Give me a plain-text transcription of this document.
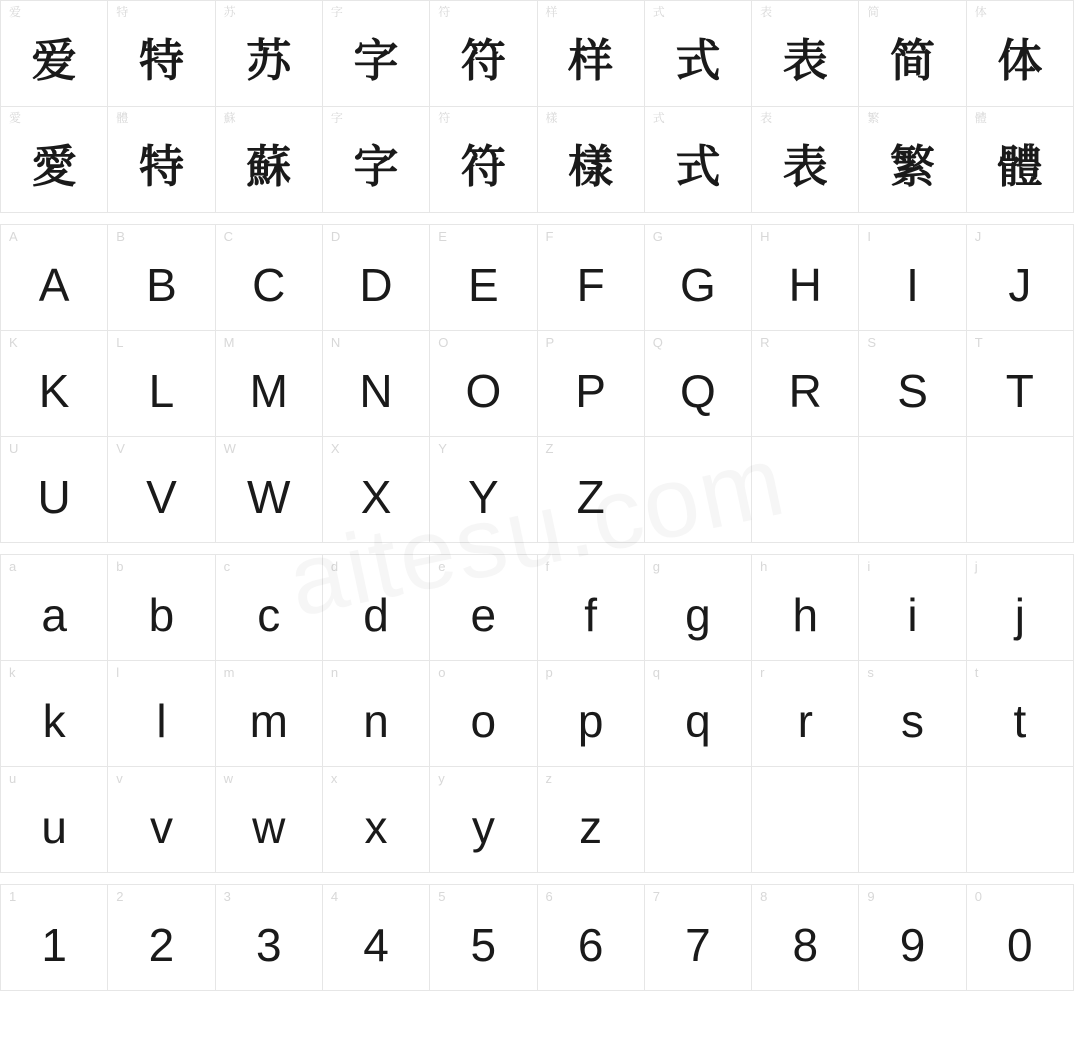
爱
爱
特
特
苏
苏
字
字
符
符
样
样
式
式
表
表
简
简
体
体
愛
愛
體
特
蘇
蘇
字
字
符
符
樣
樣
式
式
表
表
繁
繁
體
體
A
A
B
B
C
C
D
D
E
E
F
F
G
G
H
H
I
I
J
J
K
K
L
L
M
M
N
N
O
O
P
P
Q
Q
R
R
S
S
T
T
U
U
V
V
W
W
X
X
Y
Y
Z
Z
a
a
b
b
c
c
d
d
e
e
f
f
g
g
h
h
i
i
j
j
k
k
l
l
m
m
n
n
o
o
p
p
q
q
r
r
s
s
t
t
u
u
v
v
w
w
x
x
y
y
z
z
1
1
2
2
3
3
4
4
5
5
6
6
7
7
8
8
9
9
0
0
